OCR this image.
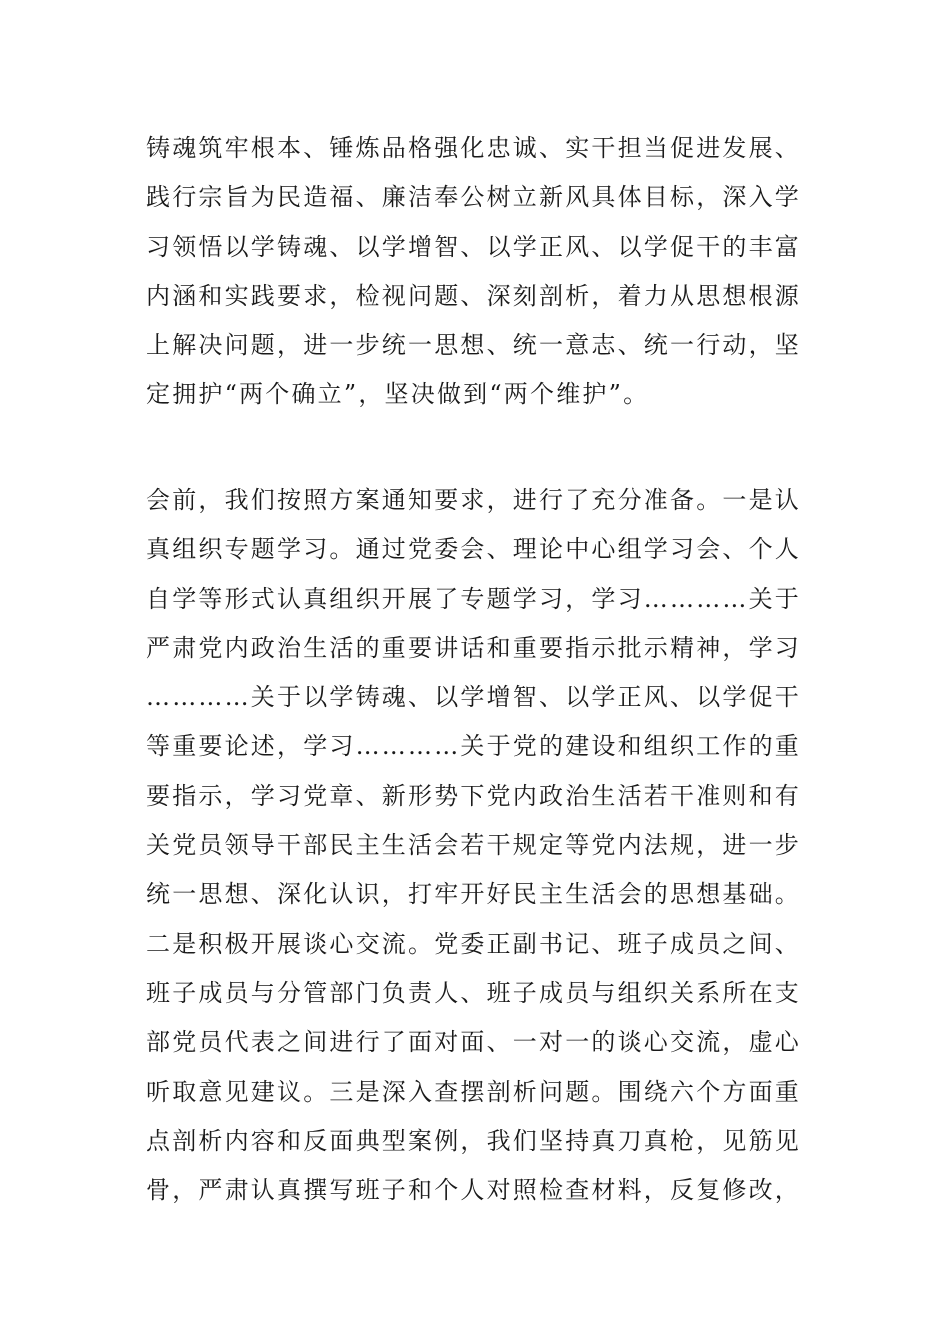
铸魂筑牢根本、锤炼品格强化忠诚、实干担当促进发展、
践行宗旨为民造福、廉洁奉公树立新风具体目标，深入学
习领悟以学铸魂、以学增智、以学正风、以学促干的丰富
内涵和实践要求，检视问题、深刻剖析，着力从思想根源
上解决问题，进一步统一思想、统一意志、统一行动，坚
定拥护“两个确立”，坚决做到“两个维护”。
会前，我们按照方案通知要求，进行了充分准备。一是认
真组织专题学习。通过党委会、理论中心组学习会、个人
自学等形式认真组织开展了专题学习，学习…………关于
严肃党内政治生活的重要讲话和重要指示批示精神，学习
…………关于以学铸魂、以学增智、以学正风、以学促干
等重要论述，学习…………关于党的建设和组织工作的重
要指示，学习党章、新形势下党内政治生活若干准则和有
关党员领导干部民主生活会若干规定等党内法规，进一步
统一思想、深化认识，打牢开好民主生活会的思想基础。
二是积极开展谈心交流。党委正副书记、班子成员之间、
班子成员与分管部门负责人、班子成员与组织关系所在支
部党员代表之间进行了面对面、一对一的谈心交流，虚心
听取意见建议。三是深入查摆剖析问题。围绕六个方面重
点剖析内容和反面典型案例，我们坚持真刀真枪，见筋见
骨，严肃认真撰写班子和个人对照检查材料，反复修改，
